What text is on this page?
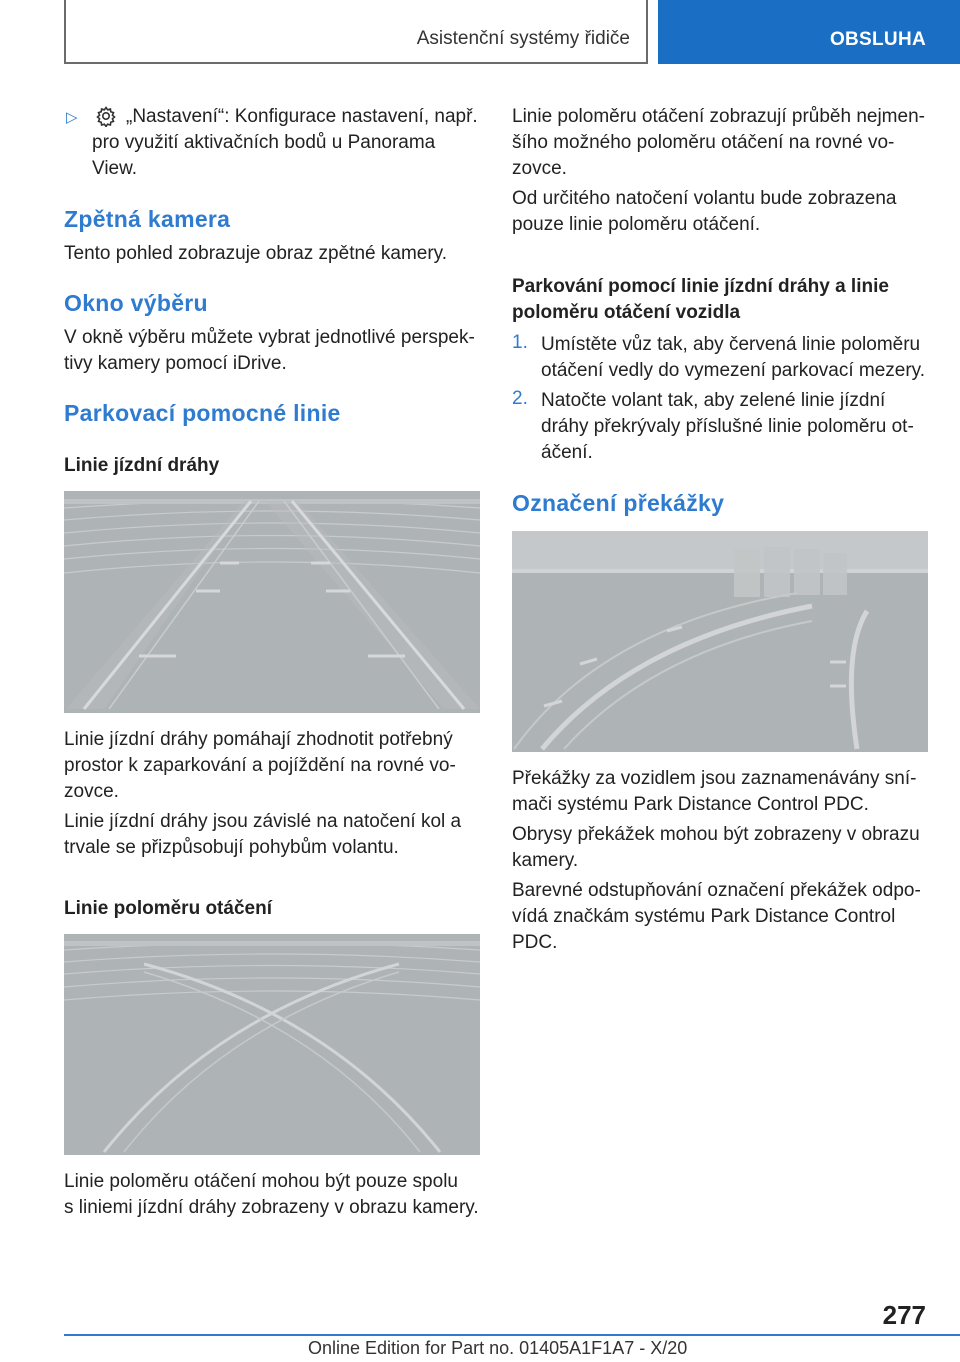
Asistenční systémy řidiče	OBSLUHA
▷	„Nastavení“: Konfigurace nastavení, např.

pro využití aktivačních bodů u Panorama

View.

Zpětná kamera

Tento pohled zobrazuje obraz zpětné kamery.

Okno výběru

V okně výběru můžete vybrat jednotlivé perspek-

tivy kamery pomocí iDrive.

Parkovací pomocné linie
Linie jízdní dráhy

Linie jízdní dráhy pomáhají zhodnotit potřebný

prostor k zaparkování a pojíždění na rovné vo-

zovce.

Linie jízdní dráhy jsou závislé na natočení kol a

trvale se přizpůsobují pohybům volantu.

Linie poloměru otáčení

Linie poloměru otáčení mohou být pouze spolu

s liniemi jízdní dráhy zobrazeny v obrazu kamery.

Linie poloměru otáčení zobrazují průběh nejmen-

šího možného poloměru otáčení na rovné vo-

zovce.

Od určitého natočení volantu bude zobrazena

pouze linie poloměru otáčení.

Parkování pomocí linie jízdní dráhy a linie
poloměru otáčení vozidla
1. Umístěte vůz tak, aby červená linie poloměru

otáčení vedly do vymezení parkovací mezery.

2. Natočte volant tak, aby zelené linie jízdní

dráhy překrývaly příslušné linie poloměru ot-

áčení.

Označení překážky

Překážky za vozidlem jsou zaznamenávány sní-

mači systému Park Distance Control PDC.

Obrysy překážek mohou být zobrazeny v obrazu

kamery.

Barevné odstupňování označení překážek odpo-

vídá značkám systému Park Distance Control

PDC.

277
Online Edition for Part no. 01405A1F1A7 - X/20
